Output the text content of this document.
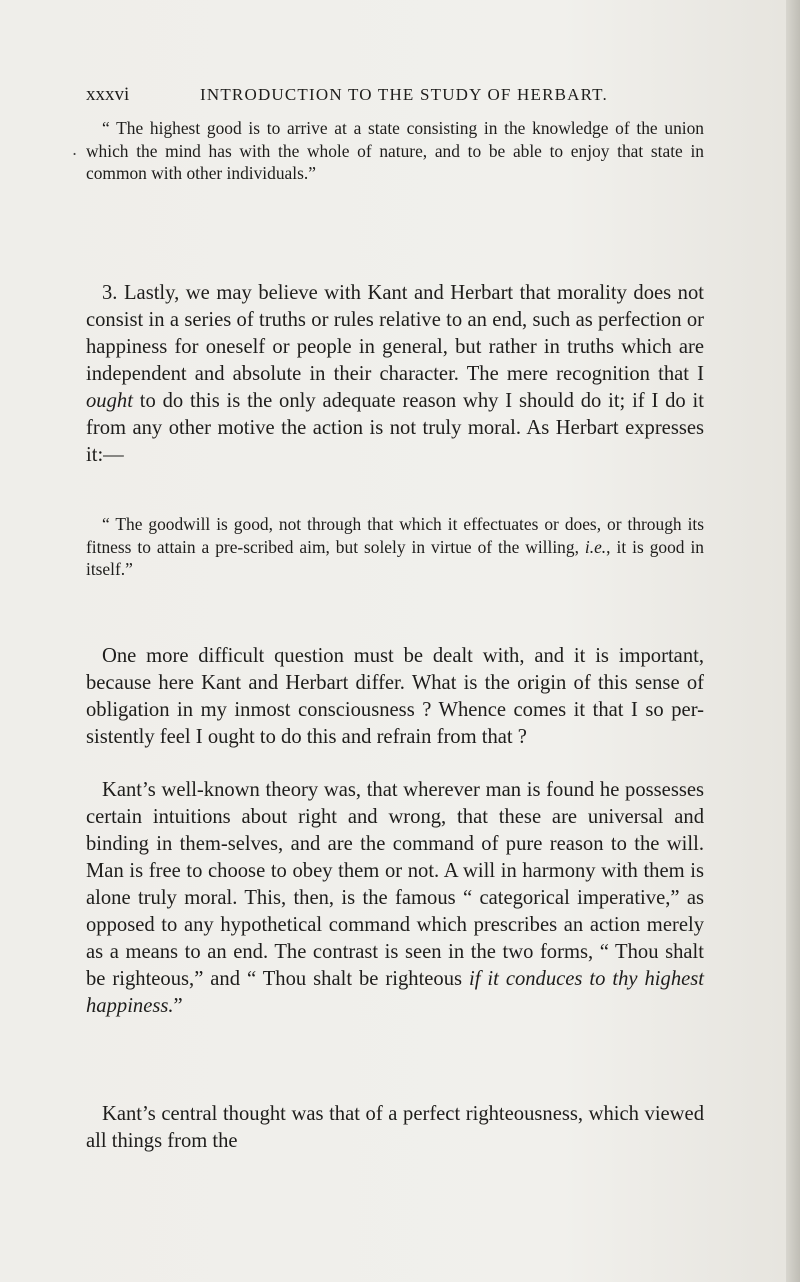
xxxvi	INTRODUCTION TO THE STUDY OF HERBART.
.

“ The highest good is to arrive at a state consisting in the knowledge of the union which the mind has with the whole of nature, and to be able to enjoy that state in common with other individuals.”

3. Lastly, we may believe with Kant and Herbart that morality does not consist in a series of truths or rules relative to an end, such as perfection or happiness for oneself or people in general, but rather in truths which are independent and absolute in their character. The mere recognition that I ought to do this is the only adequate reason why I should do it; if I do it from any other motive the action is not truly moral. As Herbart expresses it:—

“ The goodwill is good, not through that which it effectuates or does, or through its fitness to attain a pre-scribed aim, but solely in virtue of the willing, i.e., it is good in itself.”

One more difficult question must be dealt with, and it is important, because here Kant and Herbart differ. What is the origin of this sense of obligation in my inmost consciousness ? Whence comes it that I so per-sistently feel I ought to do this and refrain from that ?

Kant’s well-known theory was, that wherever man is found he possesses certain intuitions about right and wrong, that these are universal and binding in them-selves, and are the command of pure reason to the will. Man is free to choose to obey them or not. A will in harmony with them is alone truly moral. This, then, is the famous “ categorical imperative,” as opposed to any hypothetical command which prescribes an action merely as a means to an end. The contrast is seen in the two forms, “ Thou shalt be righteous,” and “ Thou shalt be righteous if it conduces to thy highest happiness.”

Kant’s central thought was that of a perfect righteousness, which viewed all things from the
